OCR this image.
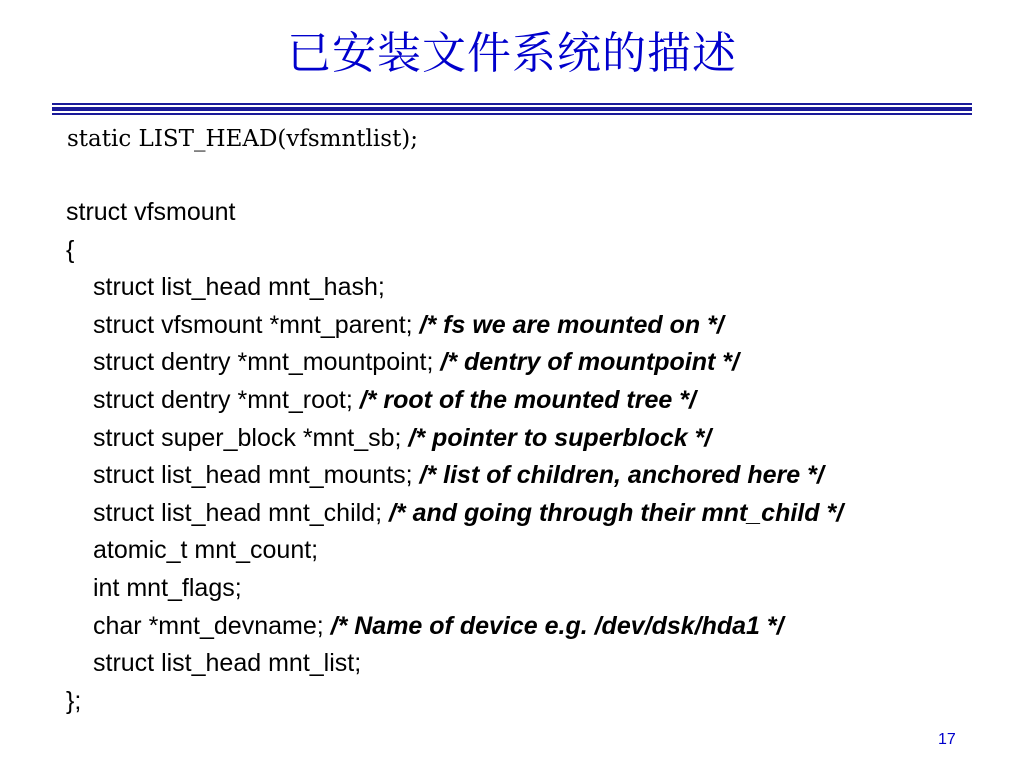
已安装文件系统的描述
static LIST_HEAD(vfsmntlist);
struct vfsmount
{
struct list_head mnt_hash;
struct vfsmount *mnt_parent; /* fs we are mounted on */
struct dentry *mnt_mountpoint; /* dentry of mountpoint */
struct dentry *mnt_root; /* root of the mounted tree */
struct super_block *mnt_sb; /* pointer to superblock */
struct list_head mnt_mounts; /* list of children, anchored here */
struct list_head mnt_child; /* and going through their mnt_child */
atomic_t mnt_count;
int mnt_flags;
char *mnt_devname; /* Name of device e.g. /dev/dsk/hda1 */
struct list_head mnt_list;
};
17
